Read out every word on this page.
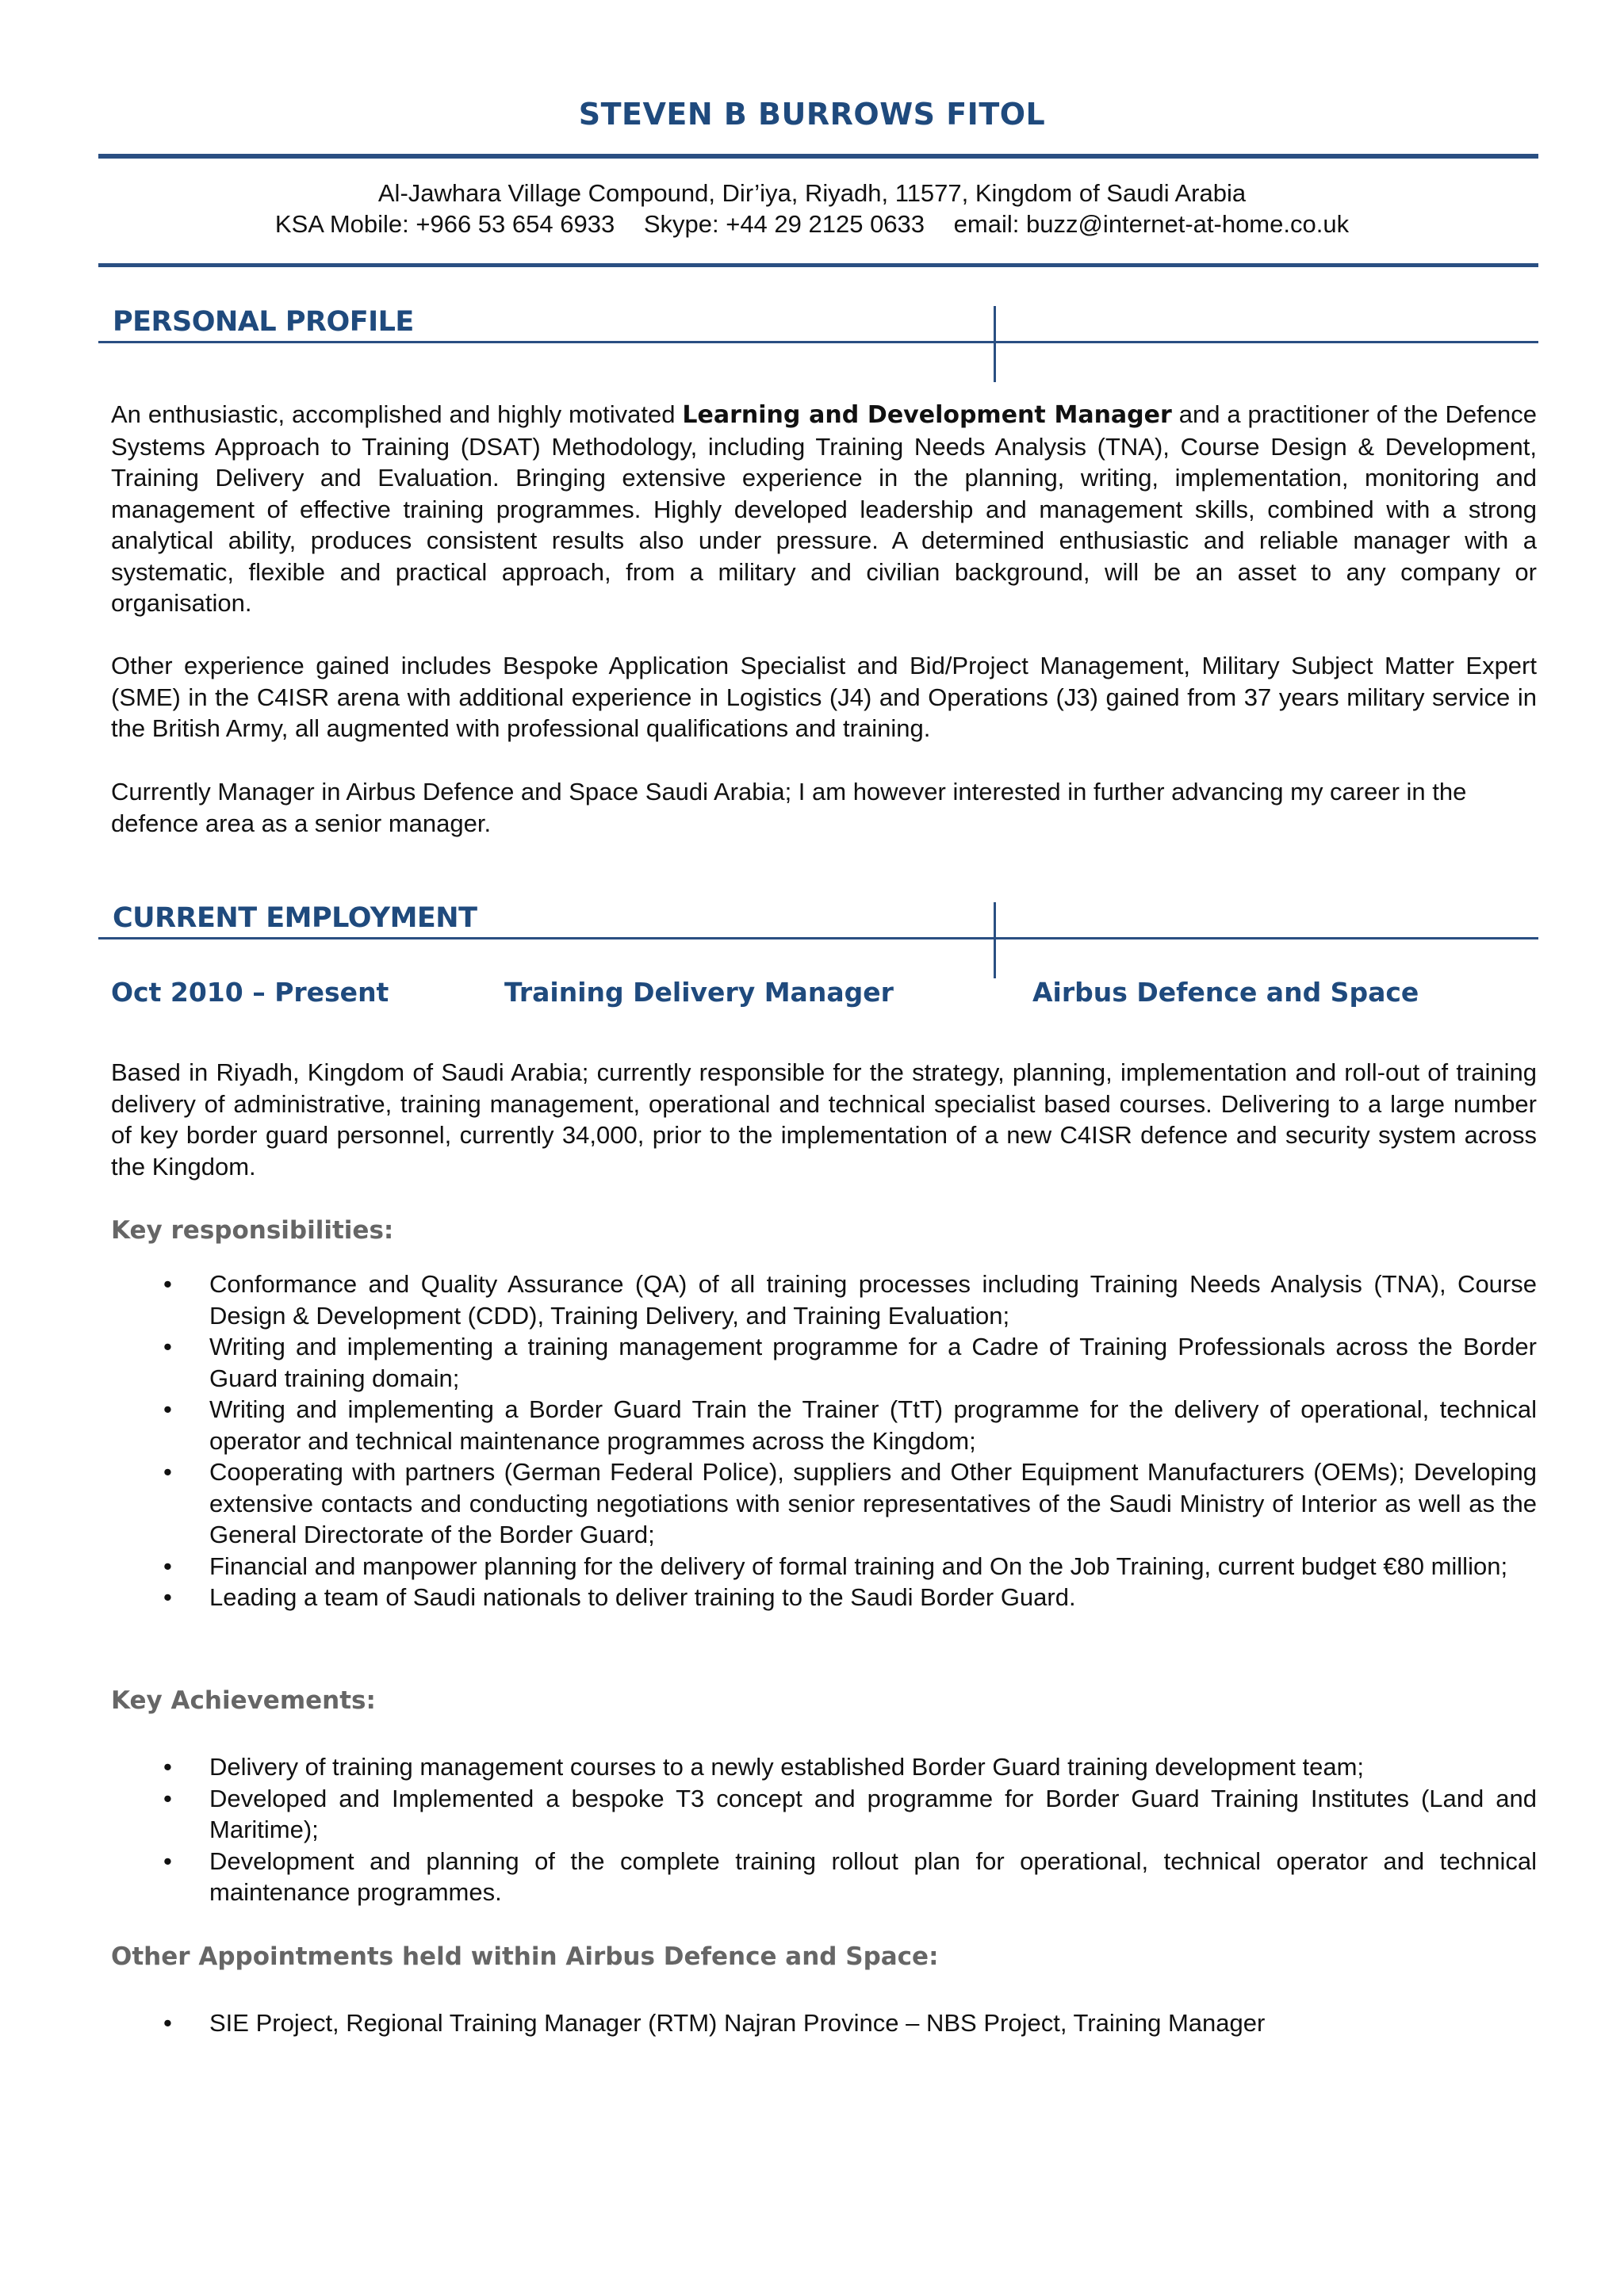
STEVEN B BURROWS FITOL
Al-Jawhara Village Compound, Dir’iya, Riyadh, 11577, Kingdom of Saudi Arabia
KSA Mobile: +966 53 654 6933 Skype: +44 29 2125 0633 email: buzz@internet-at-home.co.uk
PERSONAL PROFILE

An enthusiastic, accomplished and highly motivated Learning and Development Manager and a practitioner of the Defence Systems Approach to Training (DSAT) Methodology, including Training Needs Analysis (TNA), Course Design & Development, Training Delivery and Evaluation. Bringing extensive experience in the planning, writing, implementation, monitoring and management of effective training programmes. Highly developed leadership and management skills, combined with a strong analytical ability, produces consistent results also under pressure. A determined enthusiastic and reliable manager with a systematic, flexible and practical approach, from a military and civilian background, will be an asset to any company or organisation.

Other experience gained includes Bespoke Application Specialist and Bid/Project Management, Military Subject Matter Expert (SME) in the C4ISR arena with additional experience in Logistics (J4) and Operations (J3) gained from 37 years military service in the British Army, all augmented with professional qualifications and training.

Currently Manager in Airbus Defence and Space Saudi Arabia; I am however interested in further advancing my career in the defence area as a senior manager.

CURRENT EMPLOYMENT
Oct 2010 – Present	Training Delivery Manager	Airbus Defence and Space

Based in Riyadh, Kingdom of Saudi Arabia; currently responsible for the strategy, planning, implementation and roll-out of training delivery of administrative, training management, operational and technical specialist based courses. Delivering to a large number of key border guard personnel, currently 34,000, prior to the implementation of a new C4ISR defence and security system across the Kingdom.

Key responsibilities:
• Conformance and Quality Assurance (QA) of all training processes including Training Needs Analysis (TNA), Course Design & Development (CDD), Training Delivery, and Training Evaluation;
• Writing and implementing a training management programme for a Cadre of Training Professionals across the Border Guard training domain;
• Writing and implementing a Border Guard Train the Trainer (TtT) programme for the delivery of operational, technical operator and technical maintenance programmes across the Kingdom;
• Cooperating with partners (German Federal Police), suppliers and Other Equipment Manufacturers (OEMs); Developing extensive contacts and conducting negotiations with senior representatives of the Saudi Ministry of Interior as well as the General Directorate of the Border Guard;
• Financial and manpower planning for the delivery of formal training and On the Job Training, current budget €80 million;
• Leading a team of Saudi nationals to deliver training to the Saudi Border Guard.
Key Achievements:
• Delivery of training management courses to a newly established Border Guard training development team;
• Developed and Implemented a bespoke T3 concept and programme for Border Guard Training Institutes (Land and Maritime);
• Development and planning of the complete training rollout plan for operational, technical operator and technical maintenance programmes.
Other Appointments held within Airbus Defence and Space:
• SIE Project, Regional Training Manager (RTM) Najran Province – NBS Project, Training Manager
